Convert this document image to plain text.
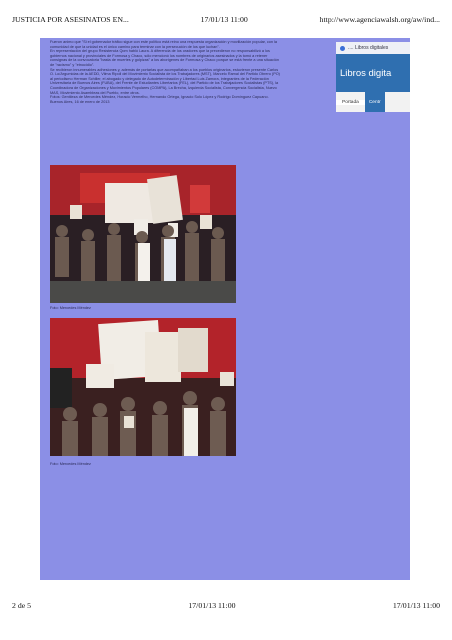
JUSTICIA POR ASESINATOS EN...	17/01/13 11:00	http://www.agenciawalsh.org/aw/ind...

Fueron animo que "Si el gobernador tráfico sigue con este político está reino una respuesta organización y movilización popular, con la comunidad de que la unidad es el único camino para terminar con la persecución de los que luchan".

En representación del grupo Resistencia Qom habló Laura. A diferencia de los oradores que la precedieron no responsabilizó a los gobiernos nacional y provinciales de Formosa y Chaco, sólo mencionó los nombres de originarios asesinados y la tomó a retener consignas de la convocatoria "basta de muertes y golpizas" a los aborígenes de Formosa y Chaco porque se está frente a una situación de "racismo" y "etnocidio".

Se recibieron innumerables adhesiones y, además de portarlas que acompañaban a los pueblos originarios, estuvieron presente Carlos O. Lo/Argumidas de la AEDD, Vilma Ripoll del Movimiento Socialista de los Trabajadores (MST), Marcelo Ramal del Partido Obrero (PO) al periodismo Herman Schiller, el abogado y delegado de Autodeterminación y Libertad Luis Zamora, integrantes de la Federación Universitaria de Buenos Aires (FUBA), del Frente de Estudiantes Libertarios (FEL), del Partido de los Trabajadores Socialistas (PTS), la Coordinadora de Organizaciones y Movimientos Populares (COMPA), La Brecha, Izquierda Socialista, Convergencia Socialista, Nuevo MAS, Movimiento Asambleas del Pueblo, entre otros.

Fotos: Gentileza de Mercedes Méndez, Horacio Vermelho, Hernando Ortega, Ignacio Solo López y Rodrigo Domínguez Capuano.

Buenos Aires, 16 de enero de 2013

Foto: Mercedes Méndez
Foto: Mercedes Méndez
.... Libros digitales
Libros digita
Portada	Centr
2 de 5	17/01/13 11:00	17/01/13 11:00
